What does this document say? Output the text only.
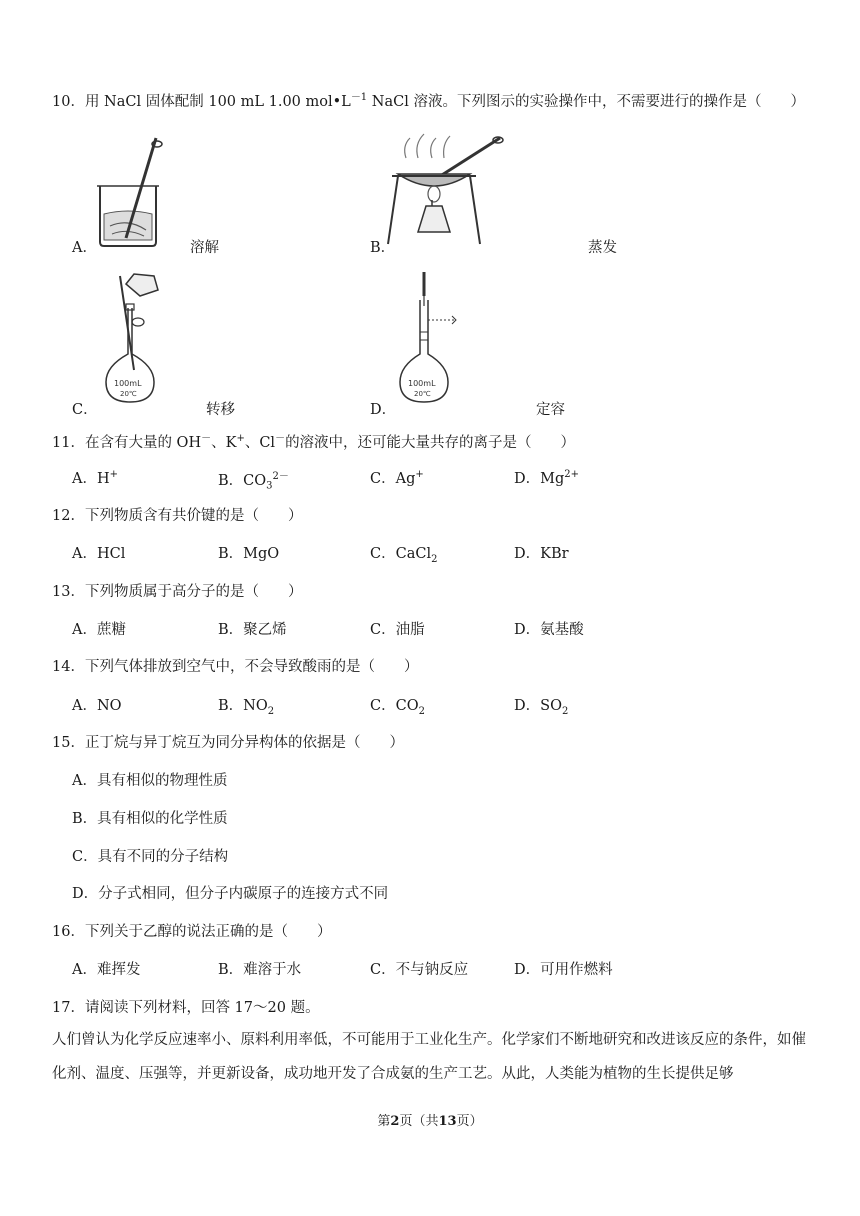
10．用 NaCl 固体配制 100 mL 1.00 $mol•L^{-1}$ NaCl 溶液。下列图示的实验操作中，不需要进行的操作是（　　）
A．	溶解	B．	蒸发
100mL
20℃
C．	转移
100mL
20℃
D．	定容
11．在含有大量的 OH－、K+、Cl－的溶液中，还可能大量共存的离子是（　　）
A．H+	B．$CO_3^{2-}$	C．Ag+	D．$Mg^{2+}$
12．下列物质含有共价键的是（　　）
A．HCl	B．MgO	C．CaCl$_2$	D．KBr
13．下列物质属于高分子的是（　　）
A．蔗糖	B．聚乙烯	C．油脂	D．氨基酸
14．下列气体排放到空气中，不会导致酸雨的是（　　）
A．NO	B．$NO_2$	C．$CO_2$	D．$SO_2$
15．正丁烷与异丁烷互为同分异构体的依据是（　　）
A．具有相似的物理性质
B．具有相似的化学性质
C．具有不同的分子结构
D．分子式相同，但分子内碳原子的连接方式不同
16．下列关于乙醇的说法正确的是（　　）
A．难挥发	B．难溶于水	C．不与钠反应	D．可用作燃料
17．请阅读下列材料，回答 17～20 题。
人们曾认为化学反应速率小、原料利用率低，不可能用于工业化生产。化学家们不断地研究和改进该反应的条件，如催化剂、温度、压强等，并更新设备，成功地开发了合成氨的生产工艺。从此，人类能为植物的生长提供足够
第2页（共13页）
